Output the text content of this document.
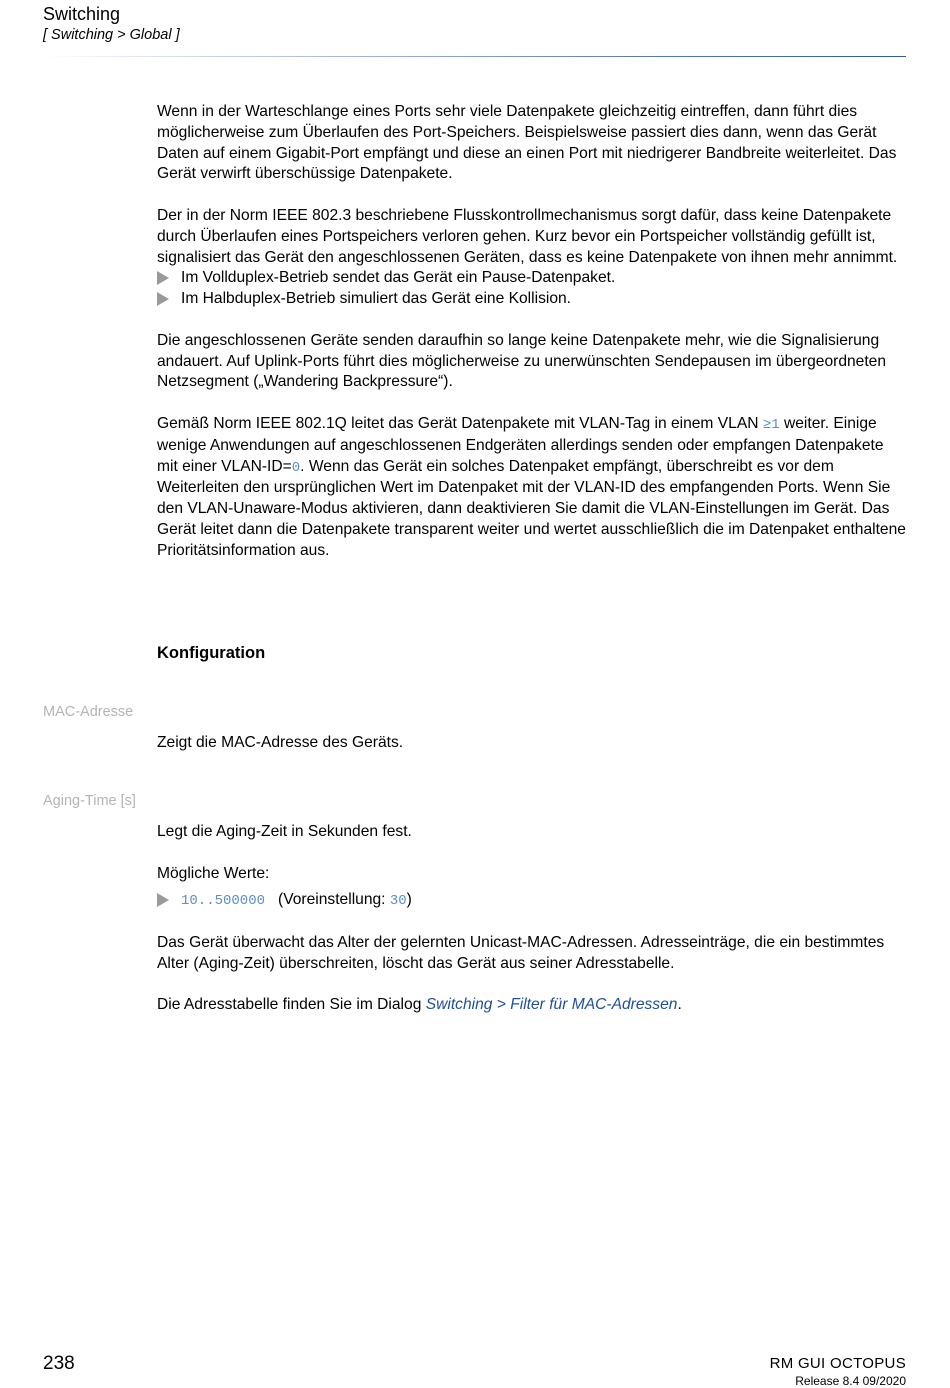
Switching
[ Switching > Global ]

Wenn in der Warteschlange eines Ports sehr viele Datenpakete gleichzeitig eintreffen, dann führt dies möglicherweise zum Überlaufen des Port-Speichers. Beispielsweise passiert dies dann, wenn das Gerät Daten auf einem Gigabit-Port empfängt und diese an einen Port mit niedrigerer Bandbreite weiterleitet. Das Gerät verwirft überschüssige Datenpakete.

Der in der Norm IEEE 802.3 beschriebene Flusskontrollmechanismus sorgt dafür, dass keine Datenpakete durch Überlaufen eines Portspeichers verloren gehen. Kurz bevor ein Portspeicher vollständig gefüllt ist, signalisiert das Gerät den angeschlossenen Geräten, dass es keine Datenpakete von ihnen mehr annimmt.

Im Vollduplex-Betrieb sendet das Gerät ein Pause-Datenpaket.
Im Halbduplex-Betrieb simuliert das Gerät eine Kollision.

Die angeschlossenen Geräte senden daraufhin so lange keine Datenpakete mehr, wie die Signalisierung andauert. Auf Uplink-Ports führt dies möglicherweise zu unerwünschten Sendepausen im übergeordneten Netzsegment („Wandering Backpressure“).

Gemäß Norm IEEE 802.1Q leitet das Gerät Datenpakete mit VLAN-Tag in einem VLAN ≥1 weiter. Einige wenige Anwendungen auf angeschlossenen Endgeräten allerdings senden oder empfangen Datenpakete mit einer VLAN-ID=0. Wenn das Gerät ein solches Datenpaket empfängt, überschreibt es vor dem Weiterleiten den ursprünglichen Wert im Datenpaket mit der VLAN-ID des empfangenden Ports. Wenn Sie den VLAN-Unaware-Modus aktivieren, dann deaktivieren Sie damit die VLAN-Einstellungen im Gerät. Das Gerät leitet dann die Datenpakete transparent weiter und wertet ausschließlich die im Datenpaket enthaltene Prioritätsinformation aus.

Konfiguration
MAC-Adresse

Zeigt die MAC-Adresse des Geräts.

Aging-Time [s]

Legt die Aging-Zeit in Sekunden fest.

Mögliche Werte:

10..500000 (Voreinstellung: 30)

Das Gerät überwacht das Alter der gelernten Unicast-MAC-Adressen. Adresseinträge, die ein bestimmtes Alter (Aging-Zeit) überschreiten, löscht das Gerät aus seiner Adresstabelle.

Die Adresstabelle finden Sie im Dialog Switching > Filter für MAC-Adressen.

238	RM GUI OCTOPUS
Release 8.4 09/2020
